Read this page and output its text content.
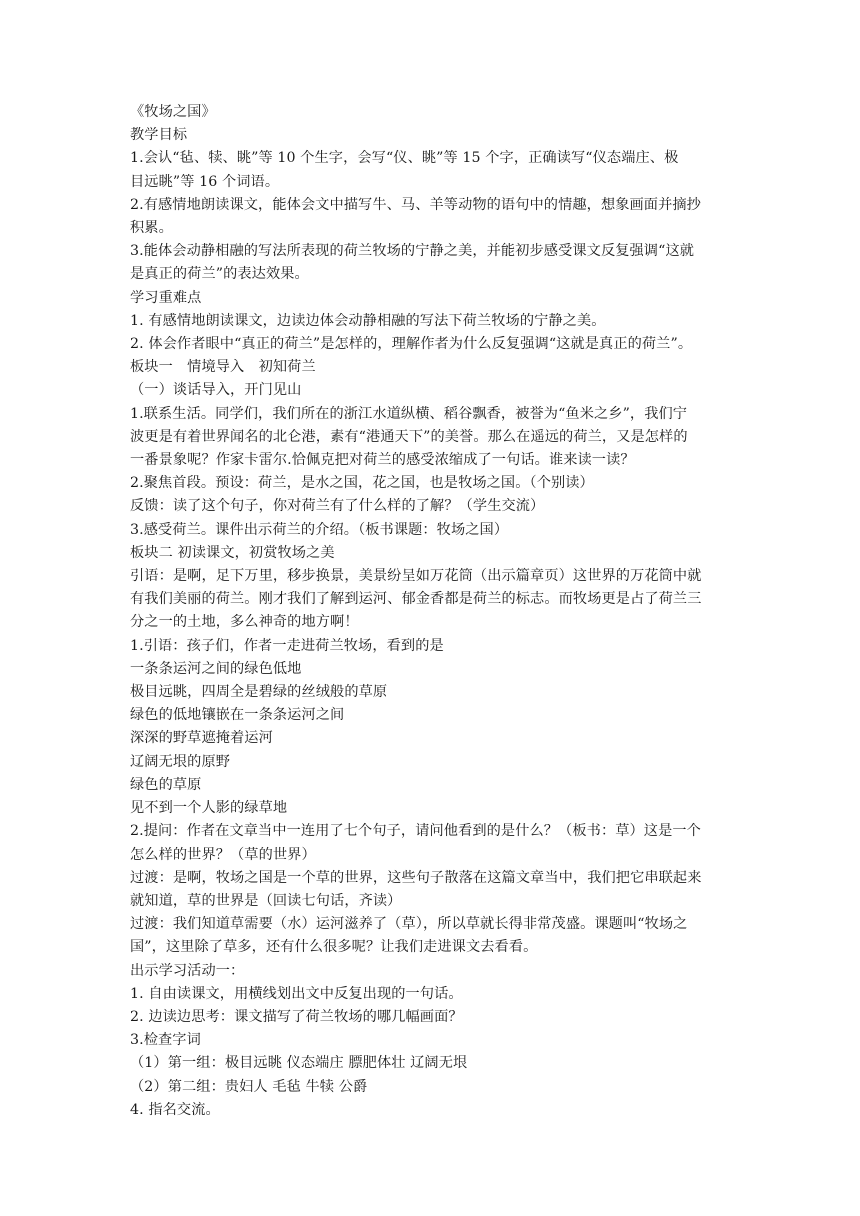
《牧场之国》
教学目标
1.会认“毡、犊、眺”等 10 个生字，会写“仪、眺”等 15 个字，正确读写“仪态端庄、极
目远眺”等 16 个词语。
2.有感情地朗读课文，能体会文中描写牛、马、羊等动物的语句中的情趣，想象画面并摘抄
积累。
3.能体会动静相融的写法所表现的荷兰牧场的宁静之美，并能初步感受课文反复强调“这就
是真正的荷兰”的表达效果。
学习重难点
1. 有感情地朗读课文，边读边体会动静相融的写法下荷兰牧场的宁静之美。
2. 体会作者眼中“真正的荷兰”是怎样的，理解作者为什么反复强调“这就是真正的荷兰”。
板块一　情境导入　初知荷兰
（一）谈话导入，开门见山
1.联系生活。同学们，我们所在的浙江水道纵横、稻谷飘香，被誉为“鱼米之乡”，我们宁
波更是有着世界闻名的北仑港，素有“港通天下”的美誉。那么在遥远的荷兰，又是怎样的
一番景象呢？作家卡雷尔.恰佩克把对荷兰的感受浓缩成了一句话。谁来读一读？
2.聚焦首段。预设：荷兰，是水之国，花之国，也是牧场之国。（个别读）
反馈：读了这个句子，你对荷兰有了什么样的了解？（学生交流）
3.感受荷兰。课件出示荷兰的介绍。（板书课题：牧场之国）
板块二 初读课文，初赏牧场之美
引语：是啊，足下万里，移步换景，美景纷呈如万花筒（出示篇章页）这世界的万花筒中就
有我们美丽的荷兰。刚才我们了解到运河、郁金香都是荷兰的标志。而牧场更是占了荷兰三
分之一的土地，多么神奇的地方啊！
1.引语：孩子们，作者一走进荷兰牧场，看到的是
一条条运河之间的绿色低地
极目远眺，四周全是碧绿的丝绒般的草原
绿色的低地镶嵌在一条条运河之间
深深的野草遮掩着运河
辽阔无垠的原野
绿色的草原
见不到一个人影的绿草地
2.提问：作者在文章当中一连用了七个句子，请问他看到的是什么？（板书：草）这是一个
怎么样的世界？（草的世界）
过渡：是啊，牧场之国是一个草的世界，这些句子散落在这篇文章当中，我们把它串联起来
就知道，草的世界是（回读七句话，齐读）
过渡：我们知道草需要（水）运河滋养了（草），所以草就长得非常茂盛。课题叫“牧场之
国”，这里除了草多，还有什么很多呢？让我们走进课文去看看。
出示学习活动一：
1. 自由读课文，用横线划出文中反复出现的一句话。
2. 边读边思考：课文描写了荷兰牧场的哪几幅画面？
3.检查字词
（1）第一组：极目远眺 仪态端庄 膘肥体壮 辽阔无垠
（2）第二组：贵妇人 毛毡 牛犊 公爵
4. 指名交流。
